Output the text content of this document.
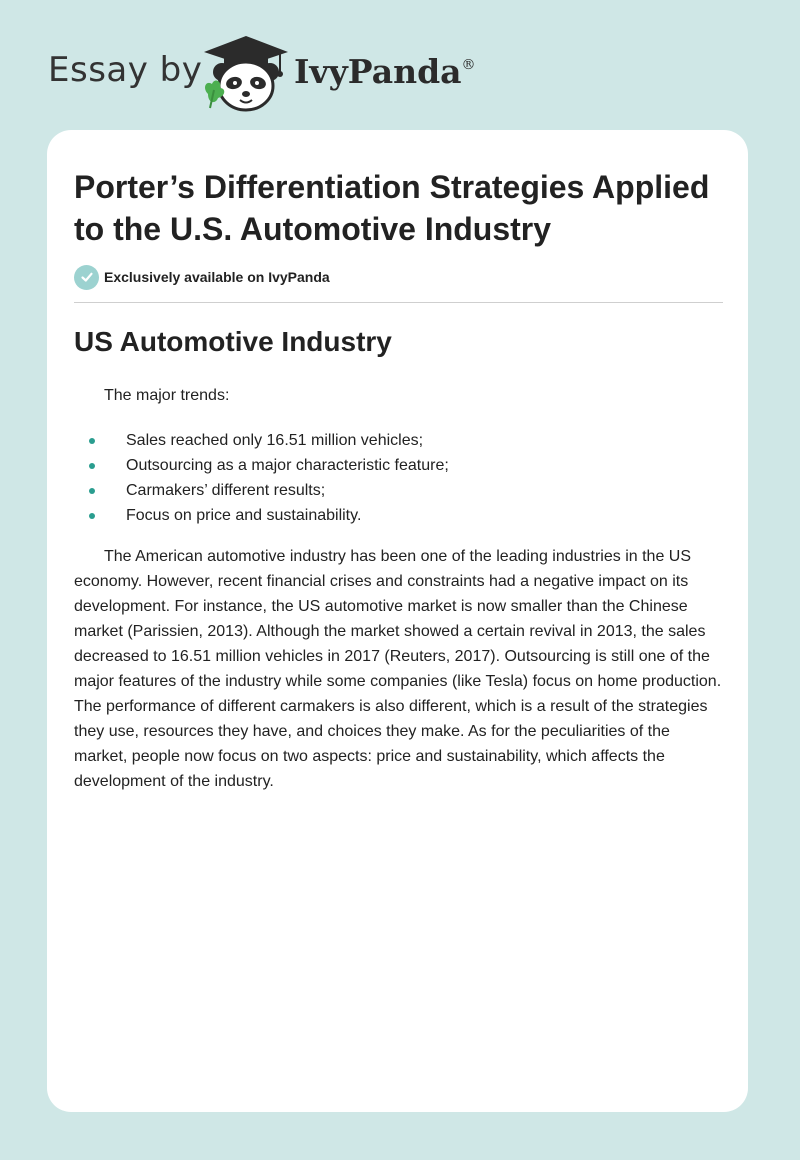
Essay by	IvyPanda®
Porter’s Differentiation Strategies Applied to the U.S. Automotive Industry
Exclusively available on IvyPanda
US Automotive Industry

The major trends:

Sales reached only 16.51 million vehicles;
Outsourcing as a major characteristic feature;
Carmakers’ different results;
Focus on price and sustainability.

The American automotive industry has been one of the leading industries in the US economy. However, recent financial crises and constraints had a negative impact on its development. For instance, the US automotive market is now smaller than the Chinese market (Parissien, 2013). Although the market showed a certain revival in 2013, the sales decreased to 16.51 million vehicles in 2017 (Reuters, 2017). Outsourcing is still one of the major features of the industry while some companies (like Tesla) focus on home production. The performance of different carmakers is also different, which is a result of the strategies they use, resources they have, and choices they make. As for the peculiarities of the market, people now focus on two aspects: price and sustainability, which affects the development of the industry.
